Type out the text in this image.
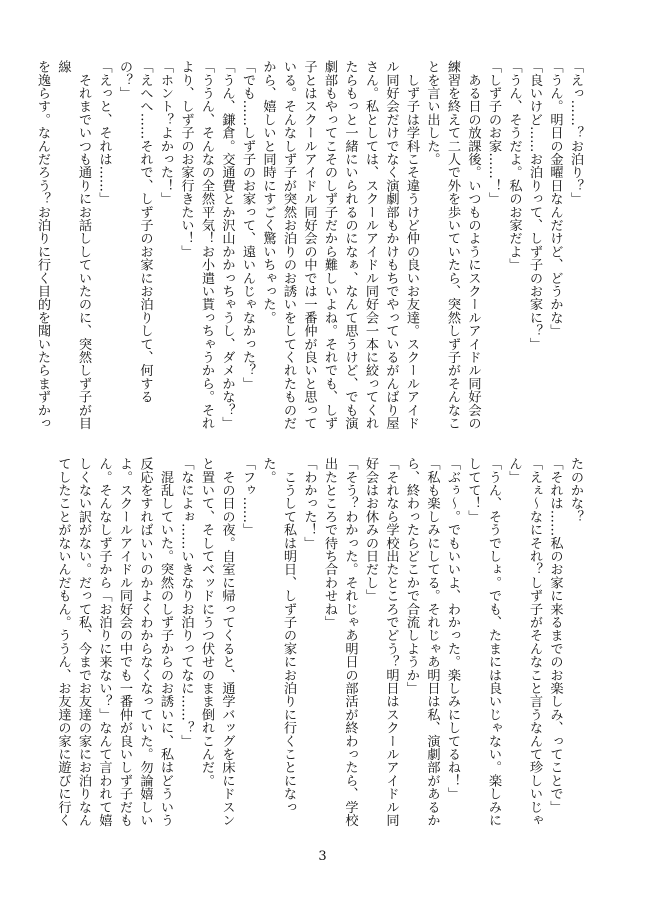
「えっ……？お泊り？」

「うん。明日の金曜日なんだけど、どうかな」

「良いけど……お泊りって、しず子のお家に？」

「うん、そうだよ。私のお家だよ」

「しず子のお家……！」

　ある日の放課後。いつものようにスクールアイドル同好会の

練習を終えて二人で外を歩いていたら、突然しず子がそんなこ

とを言い出した。

　しず子は学科こそ違うけど仲の良いお友達。スクールアイド

ル同好会だけでなく演劇部もかけもちでやっているがんばり屋

さん。私としては、スクールアイドル同好会一本に絞ってくれ

たらもっと一緒にいられるのになぁ、なんて思うけど、でも演

劇部もやってこそのしず子だから難しいよね。それでも、しず

子とはスクールアイドル同好会の中では一番仲が良いと思って

いる。そんなしず子が突然お泊りのお誘いをしてくれたものだ

から、嬉しいと同時にすごく驚いちゃった。

「でも……しず子のお家って、遠いんじゃなかった？」

「うん、鎌倉。交通費とか沢山かかっちゃうし、ダメかな？」

「ううん、そんなの全然平気！お小遣い貰っちゃうから。それ

より、しず子のお家行きたい！」

「ホント？よかった！」

「えへへ……それで、しず子のお家にお泊りして、何するの？」

「えっと、それは……」

　それまでいつも通りにお話ししていたのに、突然しず子が目線

を逸らす。なんだろう？お泊りに行く目的を聞いたらまずかっ

たのかな？

「それは……私のお家に来るまでのお楽しみ、ってことで」

「えぇ〜なにそれ？しず子がそんなこと言うなんて珍しいじゃ

ん」

「うん、そうでしょ。でも、たまには良いじゃない。楽しみに

してて！」

「ぶぅ〜。でもいいよ、わかった。楽しみにしてるね！」

「私も楽しみにしてる。それじゃあ明日は私、演劇部があるか

ら、終わったらどこかで合流しようか」

「それなら学校出たところでどう？明日はスクールアイドル同

好会はお休みの日だし」

「そう？わかった。それじゃあ明日の部活が終わったら、学校

出たところで待ち合わせね」

「わかった！」

　こうして私は明日、しず子の家にお泊りに行くことになった。

「フゥ……」

　その日の夜。自室に帰ってくると、通学バッグを床にドスン

と置いて、そしてベッドにうつ伏せのまま倒れこんだ。

「なによぉ……いきなりお泊りってなに……？」

　混乱していた。突然のしず子からのお誘いに、私はどういう

反応をすればいいのかよくわからなくなっていた。勿論嬉しい

よ。スクールアイドル同好会の中でも一番仲が良いしず子だも

ん。そんなしず子から「お泊りに来ない？」なんて言われて嬉

しくない訳がない。だって私、今までお友達の家にお泊りなん

てしたことがないんだもん。ううん、お友達の家に遊びに行く

3
